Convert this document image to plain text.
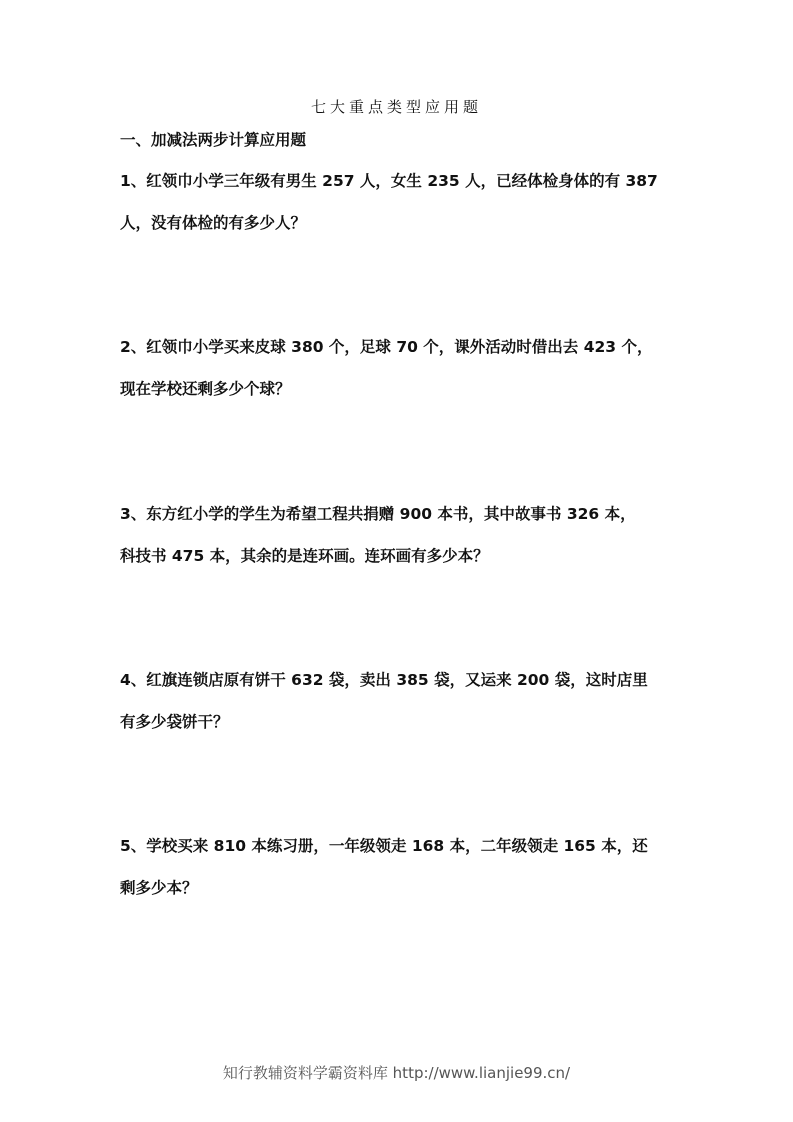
七大重点类型应用题
一、加减法两步计算应用题
1、红领巾小学三年级有男生 257 人，女生 235 人，已经体检身体的有 387
人，没有体检的有多少人？
2、红领巾小学买来皮球 380 个，足球 70 个，课外活动时借出去 423 个，
现在学校还剩多少个球？
3、东方红小学的学生为希望工程共捐赠 900 本书，其中故事书 326 本，
科技书 475 本，其余的是连环画。连环画有多少本？
4、红旗连锁店原有饼干 632 袋，卖出 385 袋，又运来 200 袋，这时店里
有多少袋饼干？
5、学校买来 810 本练习册，一年级领走 168 本，二年级领走 165 本，还
剩多少本？
知行教辅资料学霸资料库 http://www.lianjie99.cn/
